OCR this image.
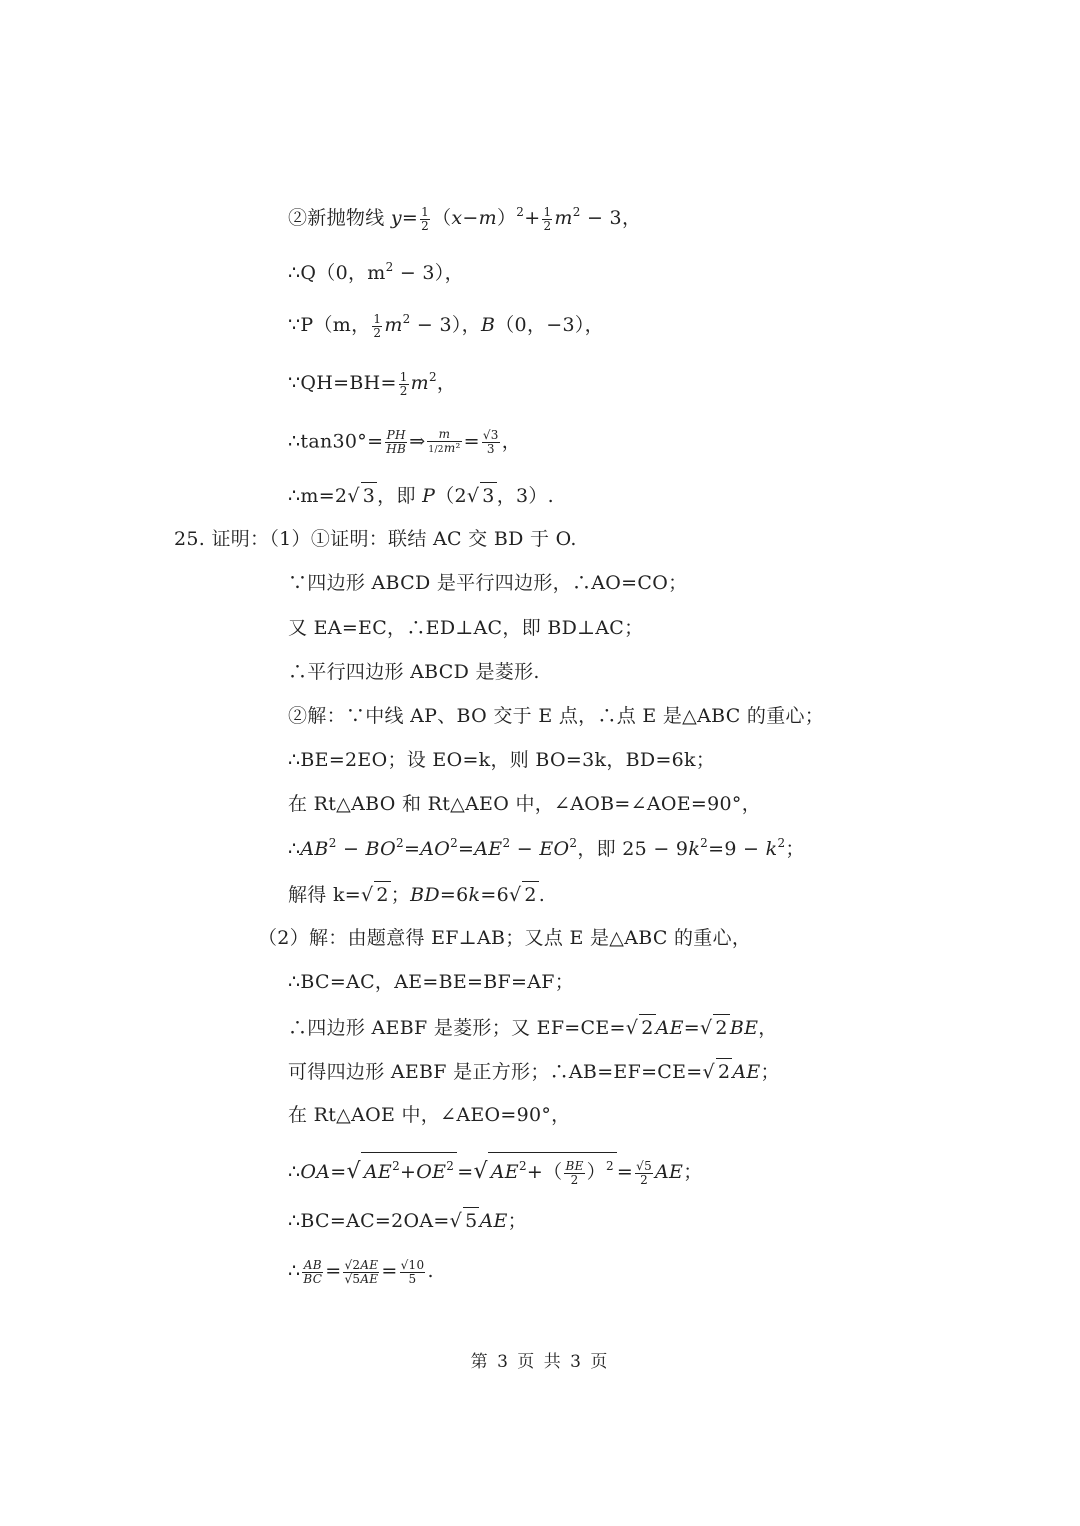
②新抛物线 $y= \frac{1}{2} (x-m)^2+ \frac{1}{2} m^2 - 3$，
∴Q（0，$m^2 - 3$），
∵P（m， $\frac{1}{2} m^2 - 3$），B（0，−3），
∵QH=BH= $\frac{1}{2} m^2$，
∴tan30°= $\frac{PH}{HB}$ ⇒ $\frac{m}{\text{1/2m²}} = \frac{√3}{3}$ ，
∴m=2√ 3 ，即 P（2√ 3 ，3）.
25. 证明：（1）①证明：联结 AC 交 BD 于 O.
∵四边形 ABCD 是平行四边形，∴AO=CO；
又 EA=EC，∴ED⊥AC，即 BD⊥AC；
∴平行四边形 ABCD 是菱形.
②解：∵中线 AP、BO 交于 E 点，∴点 E 是△ABC 的重心；
∴BE=2EO；设 EO=k，则 BO=3k，BD=6k；
在 Rt△ABO 和 Rt△AEO 中，∠AOB=∠AOE=90°，
$\therefore AB^2 - BO^2=AO^2=AE^2 - EO^2$，即 $25 - 9k^2=9 - k^2$；
解得 k=√ 2 ；BD=6k=6√ 2 .
（2）解：由题意得 EF⊥AB；又点 E 是△ABC 的重心，
∴BC=AC，AE=BE=BF=AF；
∴四边形 AEBF 是菱形；又 EF=CE=√ 2 AE=√ 2 BE，
可得四边形 AEBF 是正方形；∴AB=EF=CE=√ 2 AE；
在 Rt△AOE 中，∠AEO=90°，
∴OA=√ $AE^2+OE^2$ =√ $AE^2+( \frac{BE}{2} )^2 = \frac{√5}{2}$ AE；
∴BC=AC=2OA=√ 5 AE；
∴ $\frac{AB}{BC} = \frac{√2AE}{√5AE} = \frac{√10}{5}$ .
第 3 页 共 3 页
